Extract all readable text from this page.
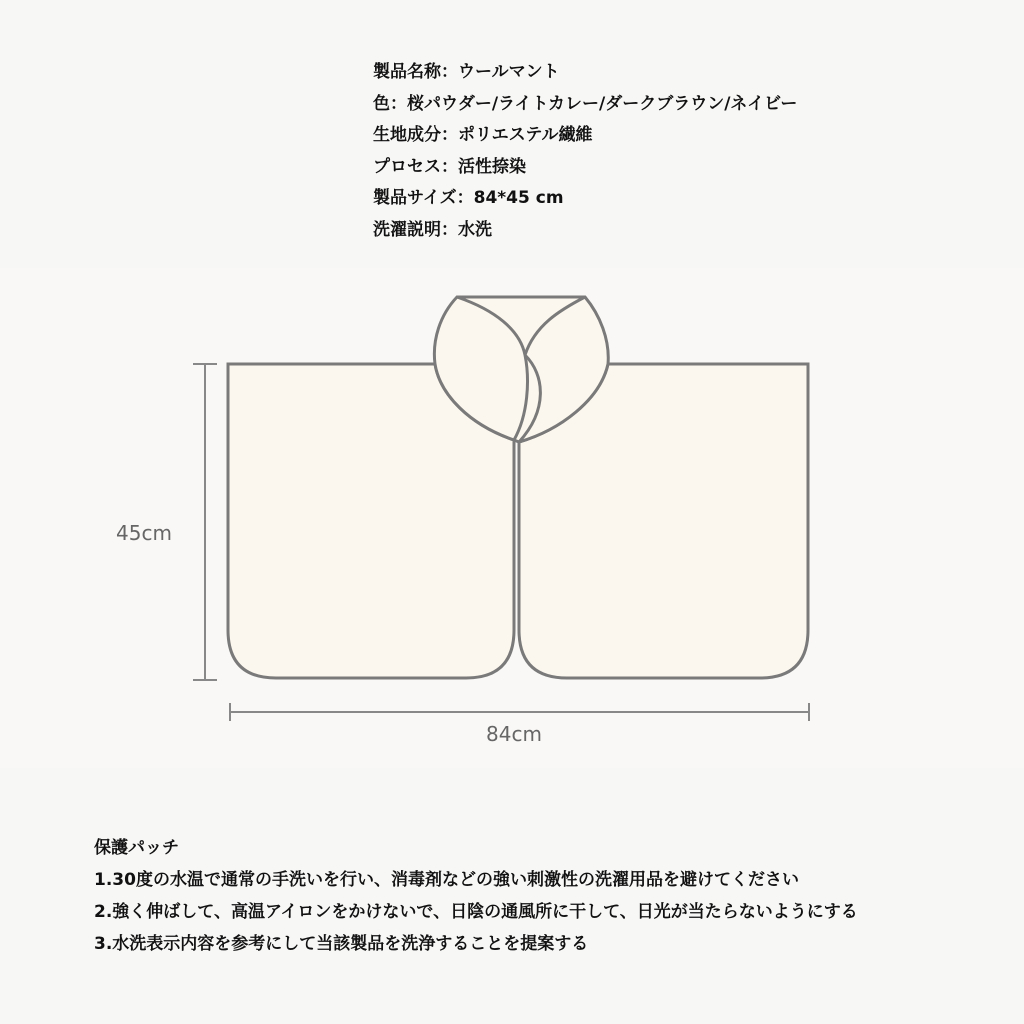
製品名称：ウールマント
色：桜パウダー/ライトカレー/ダークブラウン/ネイビー
生地成分：ポリエステル繊維
プロセス：活性捺染
製品サイズ：84*45 cm
洗濯説明：水洗
45cm
84cm
保護パッチ
1.30度の水温で通常の手洗いを行い、消毒剤などの強い刺激性の洗濯用品を避けてください
2.強く伸ばして、高温アイロンをかけないで、日陰の通風所に干して、日光が当たらないようにする
3.水洗表示内容を参考にして当該製品を洗浄することを提案する
